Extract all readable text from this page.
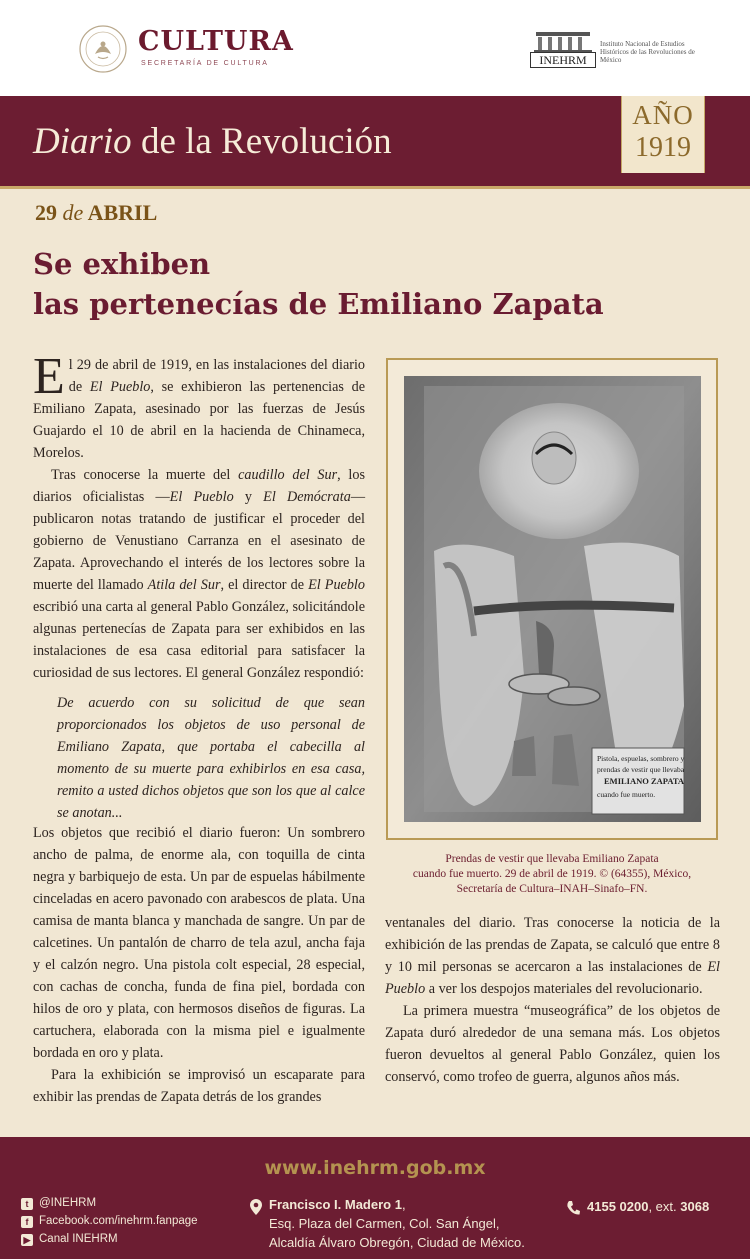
CULTURA
SECRETARÍA DE CULTURA	INEHRM
Instituto Nacional de Estudios Históricos de las Revoluciones de México
Diario de la Revolución
AÑO
1919
29 de ABRIL
Se exhiben
las pertenecías de Emiliano Zapata

El 29 de abril de 1919, en las instalaciones del diario de El Pueblo, se exhibieron las pertenencias de Emiliano Zapata, asesinado por las fuerzas de Jesús Guajardo el 10 de abril en la hacienda de Chinameca, Morelos.

Tras conocerse la muerte del caudillo del Sur, los diarios oficialistas —El Pueblo y El Demócrata— publicaron notas tratando de justificar el proceder del gobierno de Venustiano Carranza en el asesinato de Zapata. Aprovechando el interés de los lectores sobre la muerte del llamado Atila del Sur, el director de El Pueblo escribió una carta al general Pablo González, solicitándole algunas pertenecías de Zapata para ser exhibidos en las instalaciones de esa casa editorial para satisfacer la curiosidad de sus lectores. El general González respondió:

De acuerdo con su solicitud de que sean proporcionados los objetos de uso personal de Emiliano Zapata, que portaba el cabecilla al momento de su muerte para exhibirlos en esa casa, remito a usted dichos objetos que son los que al calce se anotan...

Los objetos que recibió el diario fueron: Un sombrero ancho de palma, de enorme ala, con toquilla de cinta negra y barbiquejo de esta. Un par de espuelas hábilmente cinceladas en acero pavonado con arabescos de plata. Una camisa de manta blanca y manchada de sangre. Un par de calcetines. Un pantalón de charro de tela azul, ancha faja y el calzón negro. Una pistola colt especial, 28 especial, con cachas de concha, funda de fina piel, bordada con hilos de oro y plata, con hermosos diseños de figuras. La cartuchera, elaborada con la misma piel e igualmente bordada en oro y plata.

Para la exhibición se improvisó un escaparate para exhibir las prendas de Zapata detrás de los grandes

Pistola, espuelas, sombrero y
prendas de vestir que llevaba
EMILIANO ZAPATA
cuando fue muerto.
Prendas de vestir que llevaba Emiliano Zapata
cuando fue muerto. 29 de abril de 1919. © (64355), México,
Secretaría de Cultura–INAH–Sinafo–FN.

ventanales del diario. Tras conocerse la noticia de la exhibición de las prendas de Zapata, se calculó que entre 8 y 10 mil personas se acercaron a las instalaciones de El Pueblo a ver los despojos materiales del revolucionario.

La primera muestra “museográfica” de los objetos de Zapata duró alrededor de una semana más. Los objetos fueron devueltos al general Pablo González, quien los conservó, como trofeo de guerra, algunos años más.

www.inehrm.gob.mx
t @INEHRM
f Facebook.com/inehrm.fanpage
▶ Canal INEHRM
Francisco I. Madero 1,
Esq. Plaza del Carmen, Col. San Ángel,
Alcaldía Álvaro Obregón, Ciudad de México.
4155 0200, ext. 3068
